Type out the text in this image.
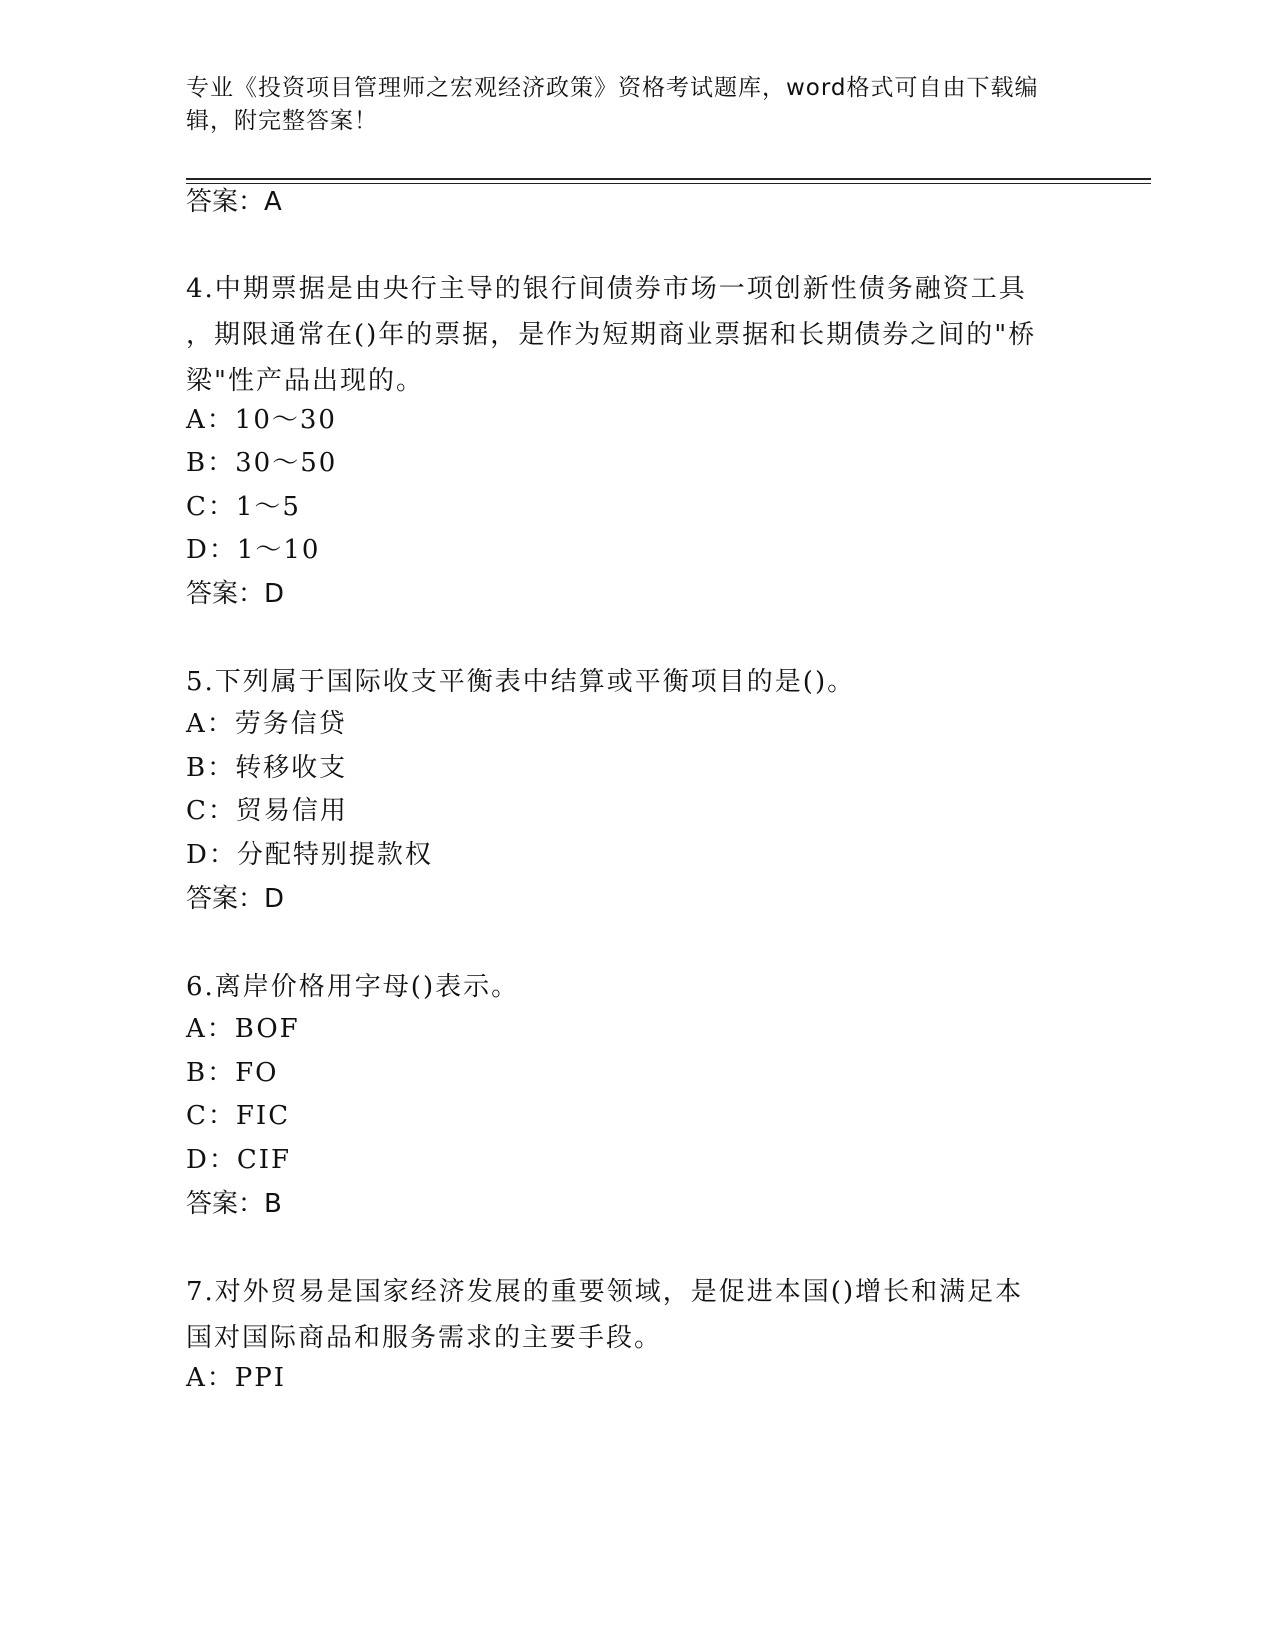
专业《投资项目管理师之宏观经济政策》资格考试题库，word格式可自由下载编
辑，附完整答案！
答案：A
4.中期票据是由央行主导的银行间债券市场一项创新性债务融资工具
，期限通常在()年的票据，是作为短期商业票据和长期债券之间的"桥
梁"性产品出现的。
A：10～30
B：30～50
C：1～5
D：1～10
答案：D
5.下列属于国际收支平衡表中结算或平衡项目的是()。
A：劳务信贷
B：转移收支
C：贸易信用
D：分配特别提款权
答案：D
6.离岸价格用字母()表示。
A：BOF
B：FO
C：FIC
D：CIF
答案：B
7.对外贸易是国家经济发展的重要领域，是促进本国()增长和满足本
国对国际商品和服务需求的主要手段。
A：PPI
